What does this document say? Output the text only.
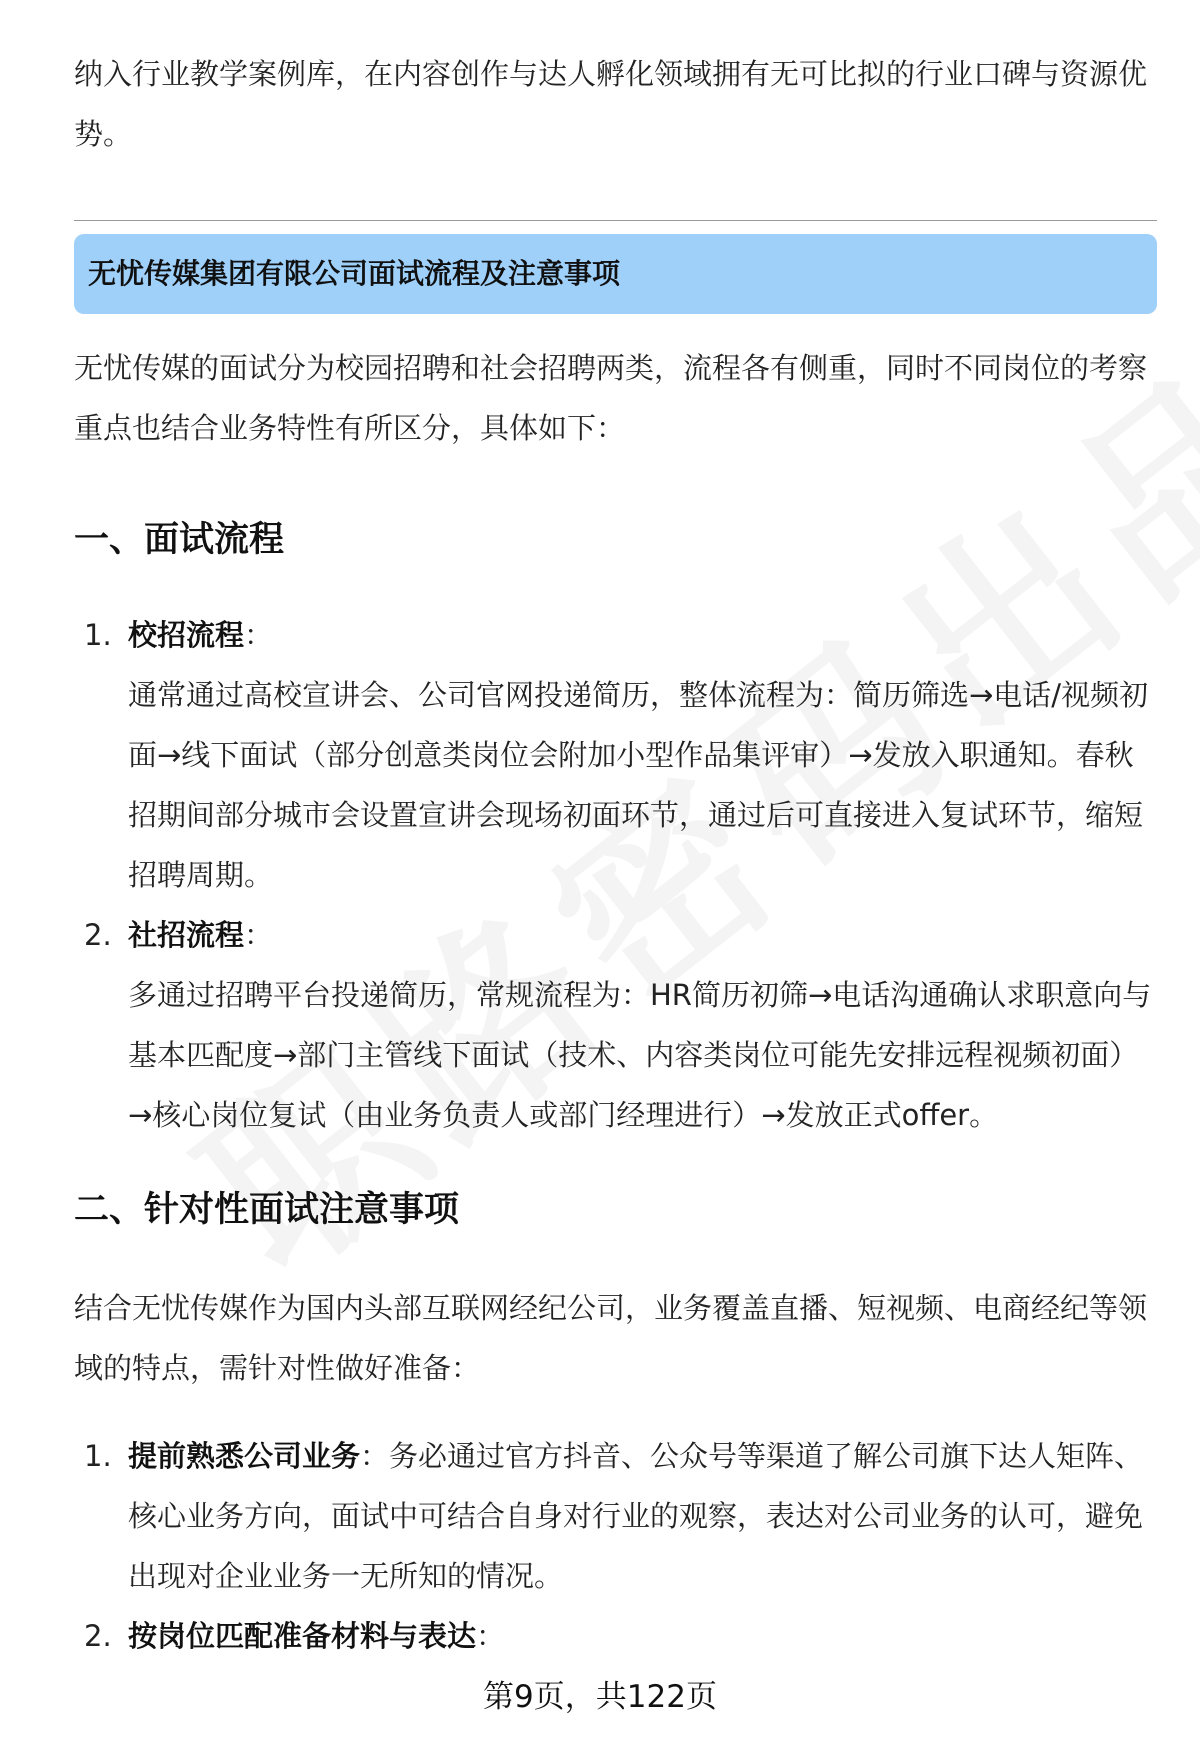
纳入行业教学案例库，在内容创作与达人孵化领域拥有无可比拟的行业口碑与资源优势。

无忧传媒集团有限公司面试流程及注意事项

无忧传媒的面试分为校园招聘和社会招聘两类，流程各有侧重，同时不同岗位的考察重点也结合业务特性有所区分，具体如下：

一、面试流程
1. 校招流程：
通常通过高校宣讲会、公司官网投递简历，整体流程为：简历筛选→电话/视频初面→线下面试（部分创意类岗位会附加小型作品集评审）→发放入职通知。春秋招期间部分城市会设置宣讲会现场初面环节，通过后可直接进入复试环节，缩短招聘周期。

2. 社招流程：
多通过招聘平台投递简历，常规流程为：HR简历初筛→电话沟通确认求职意向与基本匹配度→部门主管线下面试（技术、内容类岗位可能先安排远程视频初面）→核心岗位复试（由业务负责人或部门经理进行）→发放正式offer。

二、针对性面试注意事项

结合无忧传媒作为国内头部互联网经纪公司，业务覆盖直播、短视频、电商经纪等领域的特点，需针对性做好准备：

1. 提前熟悉公司业务：务必通过官方抖音、公众号等渠道了解公司旗下达人矩阵、核心业务方向，面试中可结合自身对行业的观察，表达对公司业务的认可，避免出现对企业业务一无所知的情况。

2. 按岗位匹配准备材料与表达：

第9页，共122页
